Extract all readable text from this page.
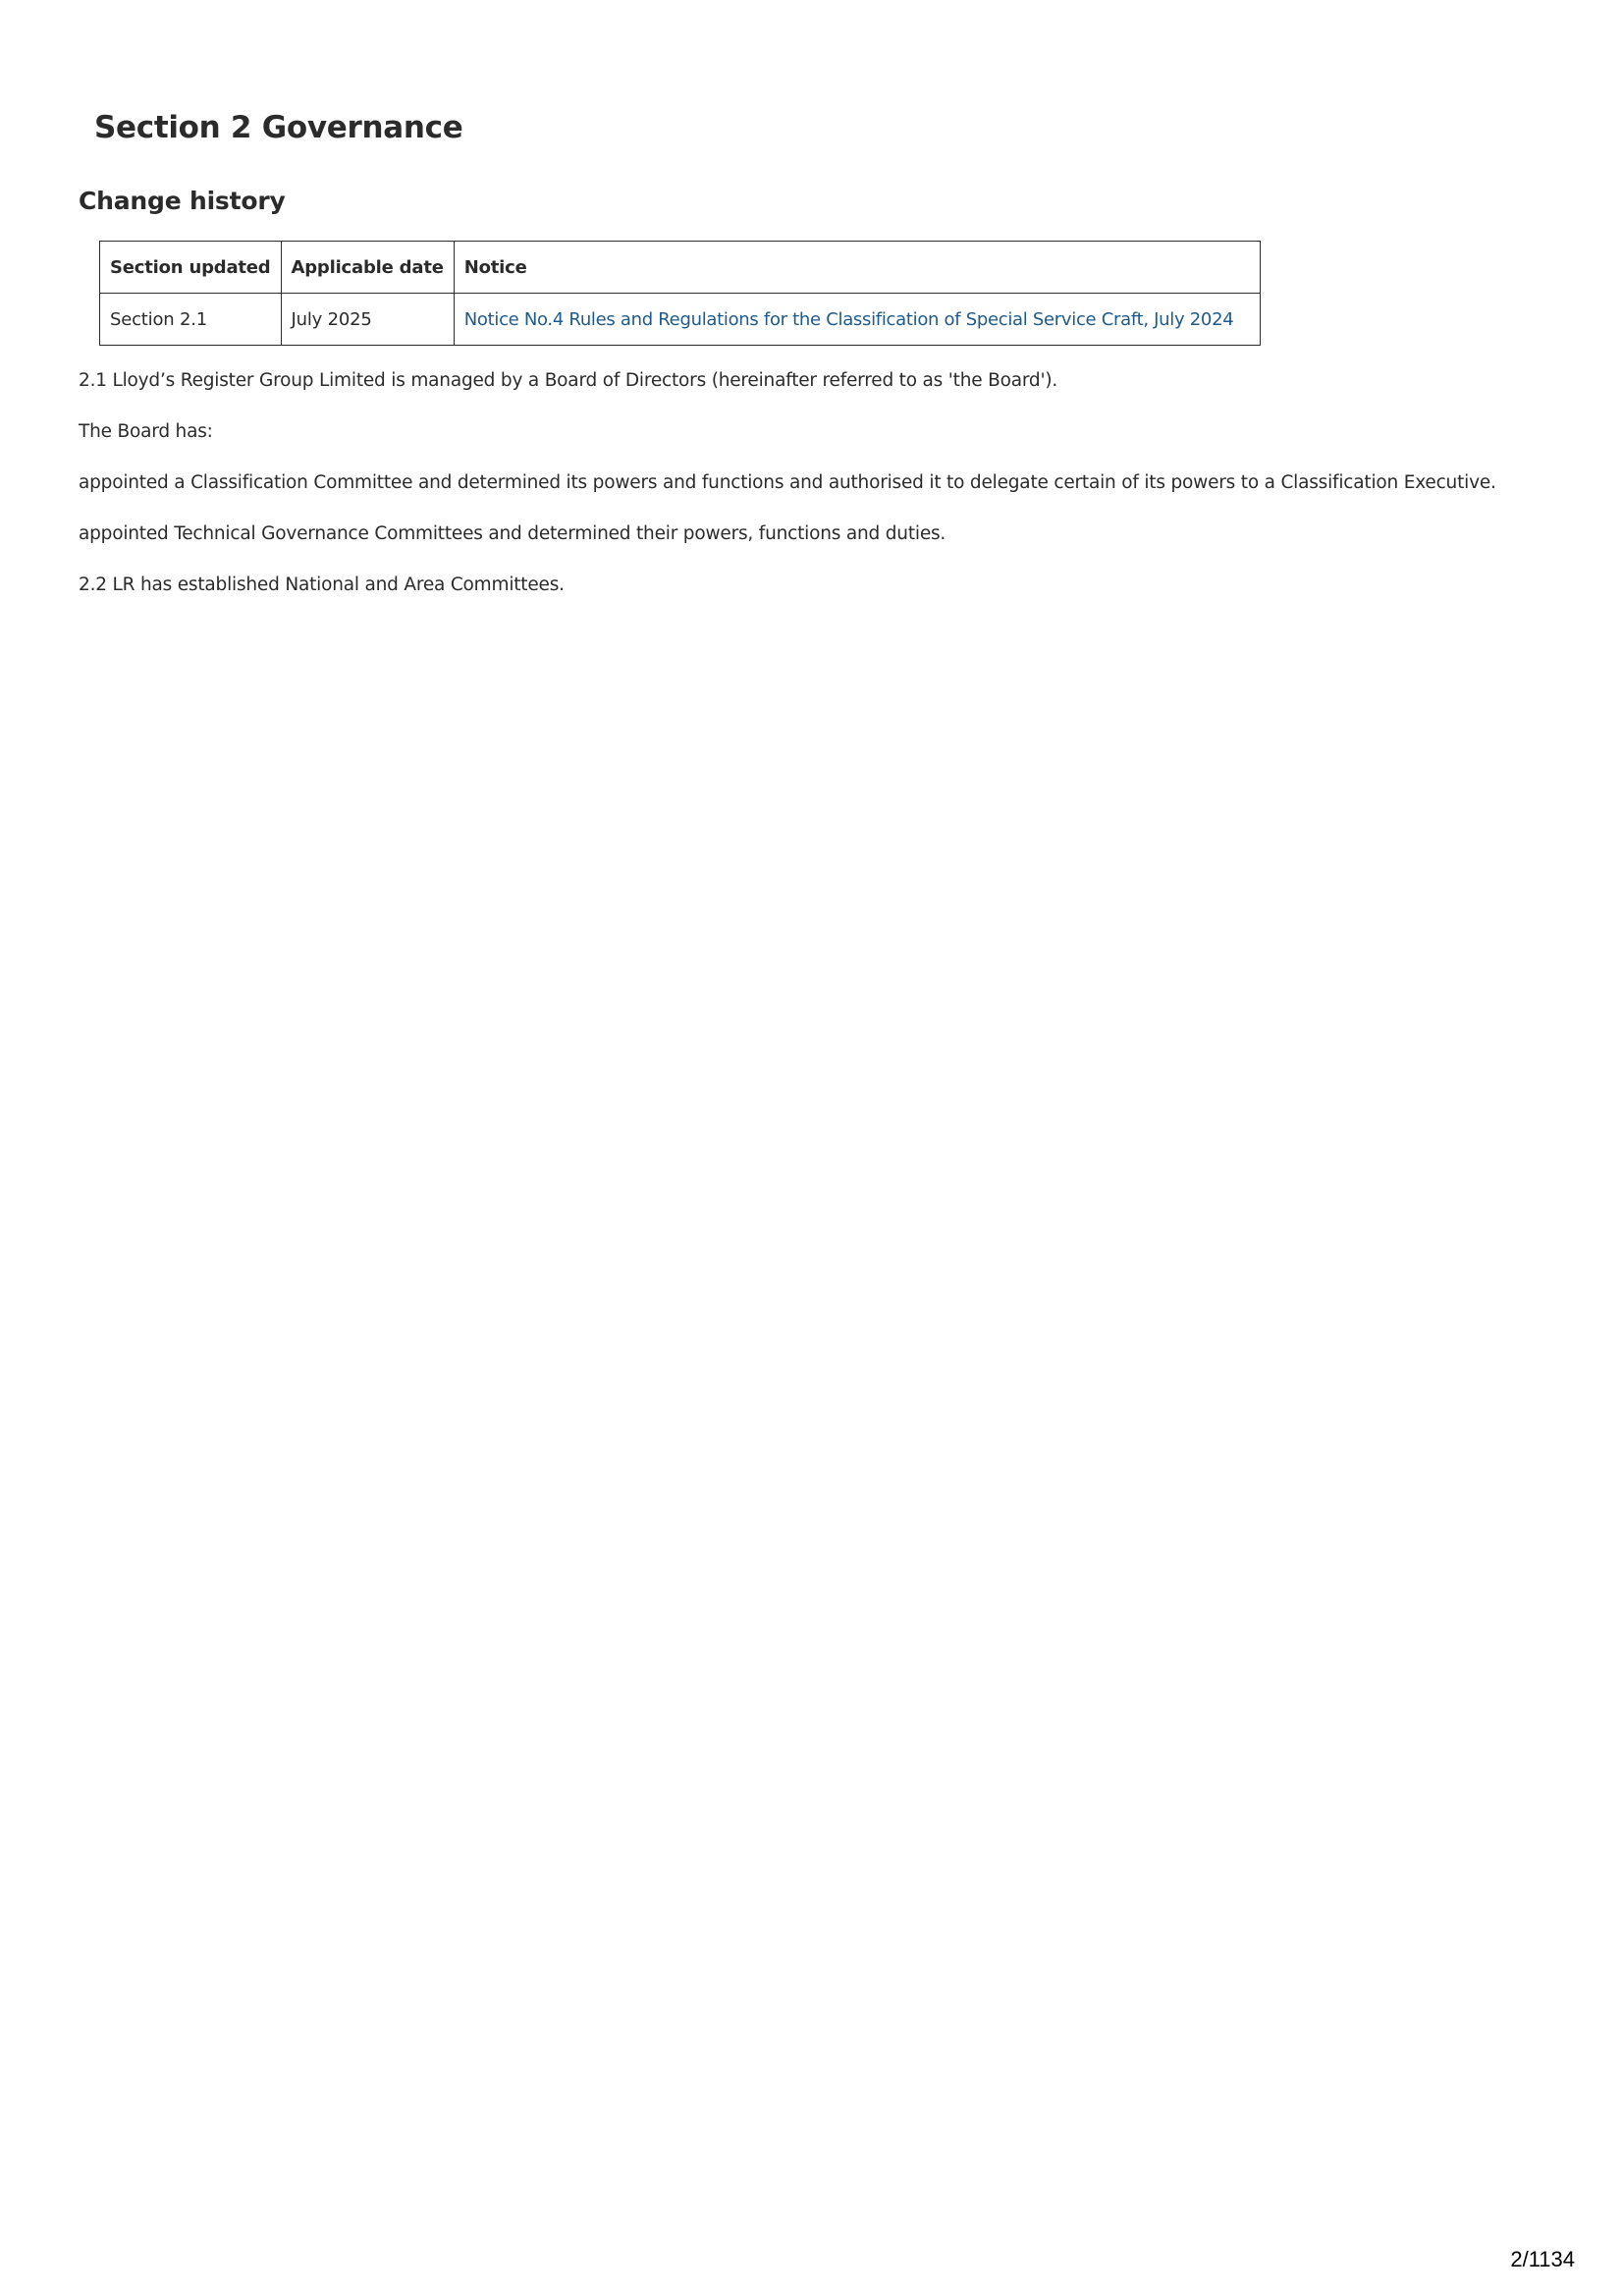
Section 2 Governance
Change history
Section updated	Applicable date	Notice
Section 2.1	July 2025	Notice No.4 Rules and Regulations for the Classification of Special Service Craft, July 2024

2.1 Lloyd’s Register Group Limited is managed by a Board of Directors (hereinafter referred to as 'the Board').

The Board has:

appointed a Classification Committee and determined its powers and functions and authorised it to delegate certain of its powers to a Classification Executive.

appointed Technical Governance Committees and determined their powers, functions and duties.

2.2 LR has established National and Area Committees.

2/1134
